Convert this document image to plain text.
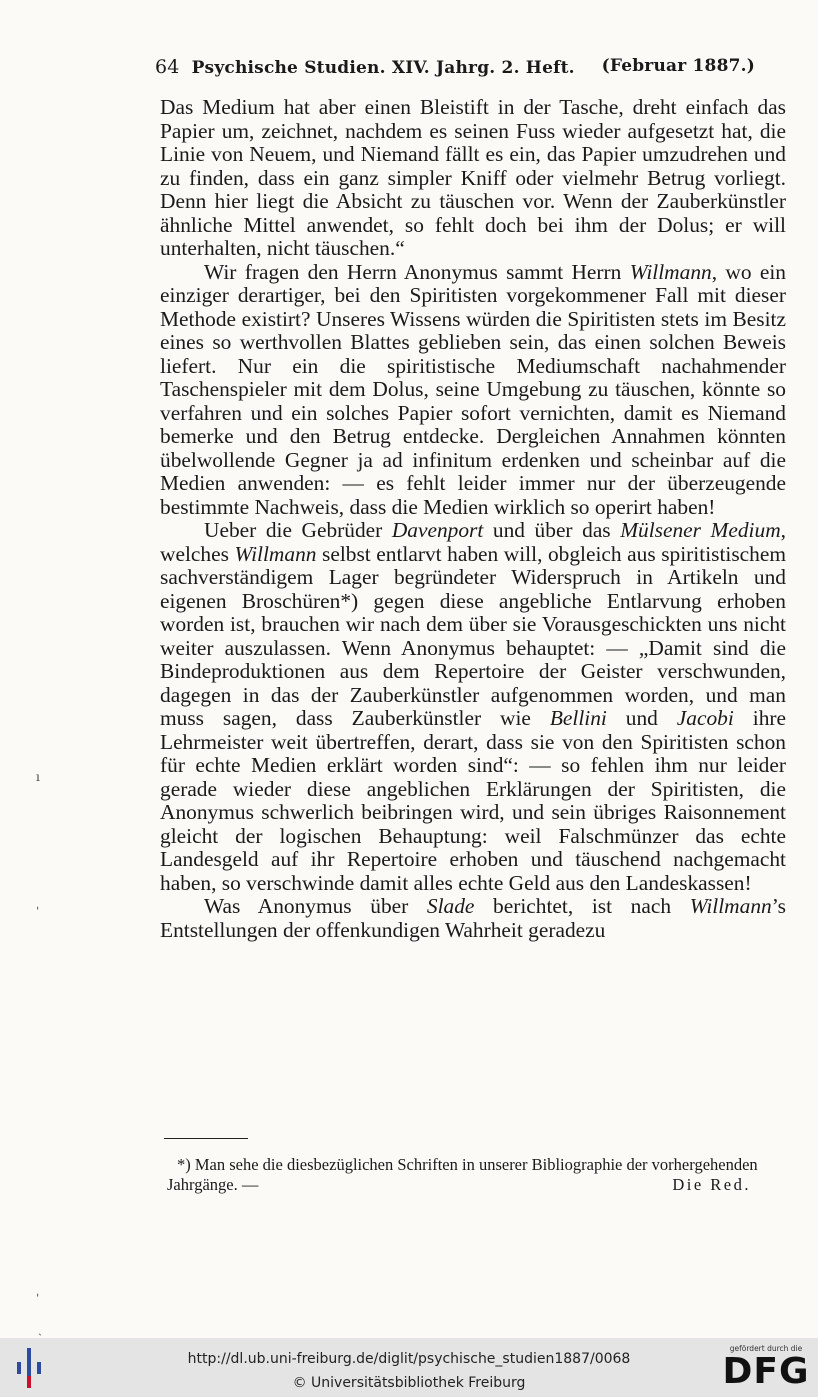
64 Psychische Studien. XIV. Jahrg. 2. Heft. (Februar 1887.)

Das Medium hat aber einen Bleistift in der Tasche, dreht einfach das Papier um, zeichnet, nachdem es seinen Fuss wieder aufgesetzt hat, die Linie von Neuem, und Niemand fällt es ein, das Papier umzudrehen und zu finden, dass ein ganz simpler Kniff oder vielmehr Betrug vorliegt. Denn hier liegt die Absicht zu täuschen vor. Wenn der Zauberkünstler ähnliche Mittel anwendet, so fehlt doch bei ihm der Dolus; er will unterhalten, nicht täuschen.“

Wir fragen den Herrn Anonymus sammt Herrn Willmann, wo ein einziger derartiger, bei den Spiritisten vorgekommener Fall mit dieser Methode existirt? Unseres Wissens würden die Spiritisten stets im Besitz eines so werthvollen Blattes geblieben sein, das einen solchen Beweis liefert. Nur ein die spiritistische Mediumschaft nachahmender Taschenspieler mit dem Dolus, seine Umgebung zu täuschen, könnte so verfahren und ein solches Papier sofort vernichten, damit es Niemand bemerke und den Betrug entdecke. Dergleichen Annahmen könnten übelwollende Gegner ja ad infinitum erdenken und scheinbar auf die Medien anwenden: — es fehlt leider immer nur der überzeugende bestimmte Nachweis, dass die Medien wirklich so operirt haben!

Ueber die Gebrüder Davenport und über das Mülsener Medium, welches Willmann selbst entlarvt haben will, obgleich aus spiritistischem sachverständigem Lager begründeter Widerspruch in Artikeln und eigenen Broschüren*) gegen diese angebliche Entlarvung erhoben worden ist, brauchen wir nach dem über sie Vorausgeschickten uns nicht weiter auszulassen. Wenn Anonymus behauptet: — „Damit sind die Bindeproduktionen aus dem Repertoire der Geister verschwunden, dagegen in das der Zauberkünstler aufgenommen worden, und man muss sagen, dass Zauberkünstler wie Bellini und Jacobi ihre Lehrmeister weit übertreffen, derart, dass sie von den Spiritisten schon für echte Medien erklärt worden sind“: — so fehlen ihm nur leider gerade wieder diese angeblichen Erklärungen der Spiritisten, die Anonymus schwerlich beibringen wird, und sein übriges Raisonnement gleicht der logischen Behauptung: weil Falschmünzer das echte Landesgeld auf ihr Repertoire erhoben und täuschend nachgemacht haben, so verschwinde damit alles echte Geld aus den Landeskassen!

Was Anonymus über Slade berichtet, ist nach Willmann’s Entstellungen der offenkundigen Wahrheit geradezu

ı
ˈ
ˈ
ˏ
*) Man sehe die diesbezüglichen Schriften in unserer Bibliographie der vorhergehenden Jahrgänge. —	Die Red.
http://dl.ub.uni-freiburg.de/diglit/psychische_studien1887/0068
© Universitätsbibliothek Freiburg
gefördert durch die
DFG
